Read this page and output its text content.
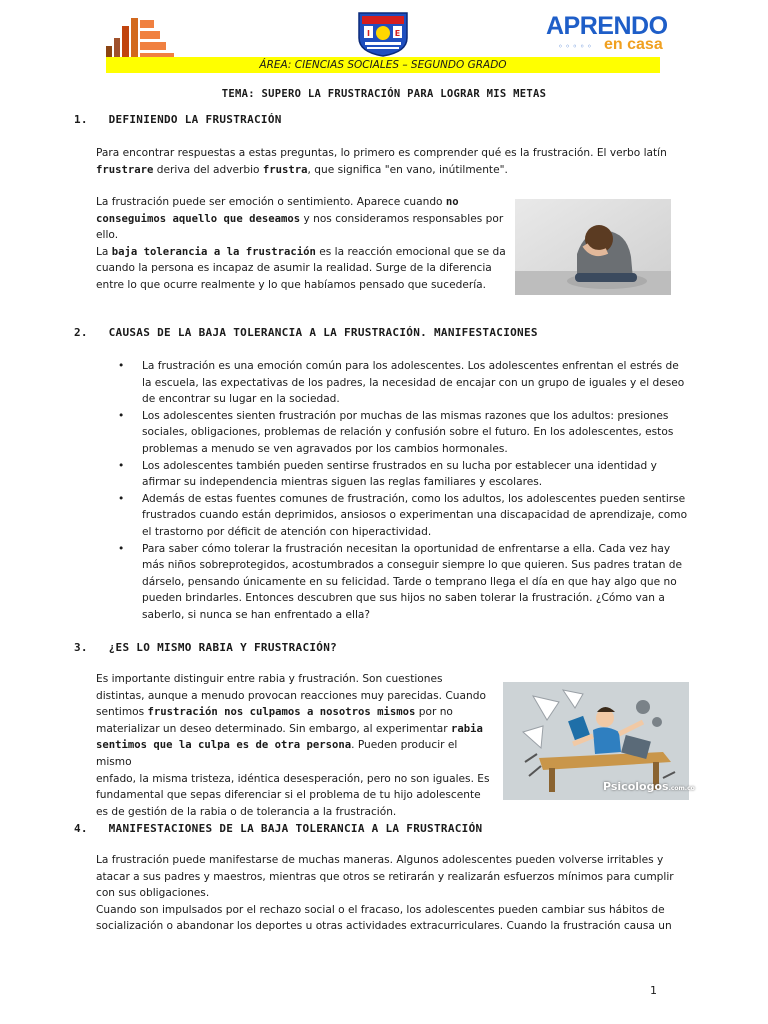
I	E	APRENDO
◦ ◦ ◦ ◦ ◦ en casa
ÁREA: CIENCIAS SOCIALES – SEGUNDO GRADO
TEMA: SUPERO LA FRUSTRACIÓN PARA LOGRAR MIS METAS
1.   DEFINIENDO LA FRUSTRACIÓN

Para encontrar respuestas a estas preguntas, lo primero es comprender qué es la frustración. El verbo latín

frustrare deriva del adverbio frustra, que significa "en vano, inútilmente".

La frustración puede ser emoción o sentimiento. Aparece cuando no

conseguimos aquello que deseamos y nos consideramos responsables por

ello.

La baja tolerancia a la frustración es la reacción emocional que se da

cuando la persona es incapaz de asumir la realidad. Surge de la diferencia

entre lo que ocurre realmente y lo que habíamos pensado que sucedería.

2.   CAUSAS DE LA BAJA TOLERANCIA A LA FRUSTRACIÓN. MANIFESTACIONES
• La frustración es una emoción común para los adolescentes. Los adolescentes enfrentan el estrés de

la escuela, las expectativas de los padres, la necesidad de encajar con un grupo de iguales y el deseo

de encontrar su lugar en la sociedad.

• Los adolescentes sienten frustración por muchas de las mismas razones que los adultos: presiones

sociales, obligaciones, problemas de relación y confusión sobre el futuro. En los adolescentes, estos

problemas a menudo se ven agravados por los cambios hormonales.

• Los adolescentes también pueden sentirse frustrados en su lucha por establecer una identidad y

afirmar su independencia mientras siguen las reglas familiares y escolares.

• Además de estas fuentes comunes de frustración, como los adultos, los adolescentes pueden sentirse

frustrados cuando están deprimidos, ansiosos o experimentan una discapacidad de aprendizaje, como

el trastorno por déficit de atención con hiperactividad.

• Para saber cómo tolerar la frustración necesitan la oportunidad de enfrentarse a ella. Cada vez hay

más niños sobreprotegidos, acostumbrados a conseguir siempre lo que quieren. Sus padres tratan de

dárselo, pensando únicamente en su felicidad. Tarde o temprano llega el día en que hay algo que no

pueden brindarles. Entonces descubren que sus hijos no saben tolerar la frustración. ¿Cómo van a

saberlo, si nunca se han enfrentado a ella?

3.   ¿ES LO MISMO RABIA Y FRUSTRACIÓN?

Es importante distinguir entre rabia y frustración. Son cuestiones

distintas, aunque a menudo provocan reacciones muy parecidas. Cuando

sentimos frustración nos culpamos a nosotros mismos por no

materializar un deseo determinado. Sin embargo, al experimentar rabia

sentimos que la culpa es de otra persona. Pueden producir el mismo

enfado, la misma tristeza, idéntica desesperación, pero no son iguales. Es

fundamental que sepas diferenciar si el problema de tu hijo adolescente

es de gestión de la rabia o de tolerancia a la frustración.

Psicologos.com.co
4.   MANIFESTACIONES DE LA BAJA TOLERANCIA A LA FRUSTRACIÓN

La frustración puede manifestarse de muchas maneras. Algunos adolescentes pueden volverse irritables y

atacar a sus padres y maestros, mientras que otros se retirarán y realizarán esfuerzos mínimos para cumplir

con sus obligaciones.

Cuando son impulsados por el rechazo social o el fracaso, los adolescentes pueden cambiar sus hábitos de

socialización o abandonar los deportes u otras actividades extracurriculares. Cuando la frustración causa un

1
